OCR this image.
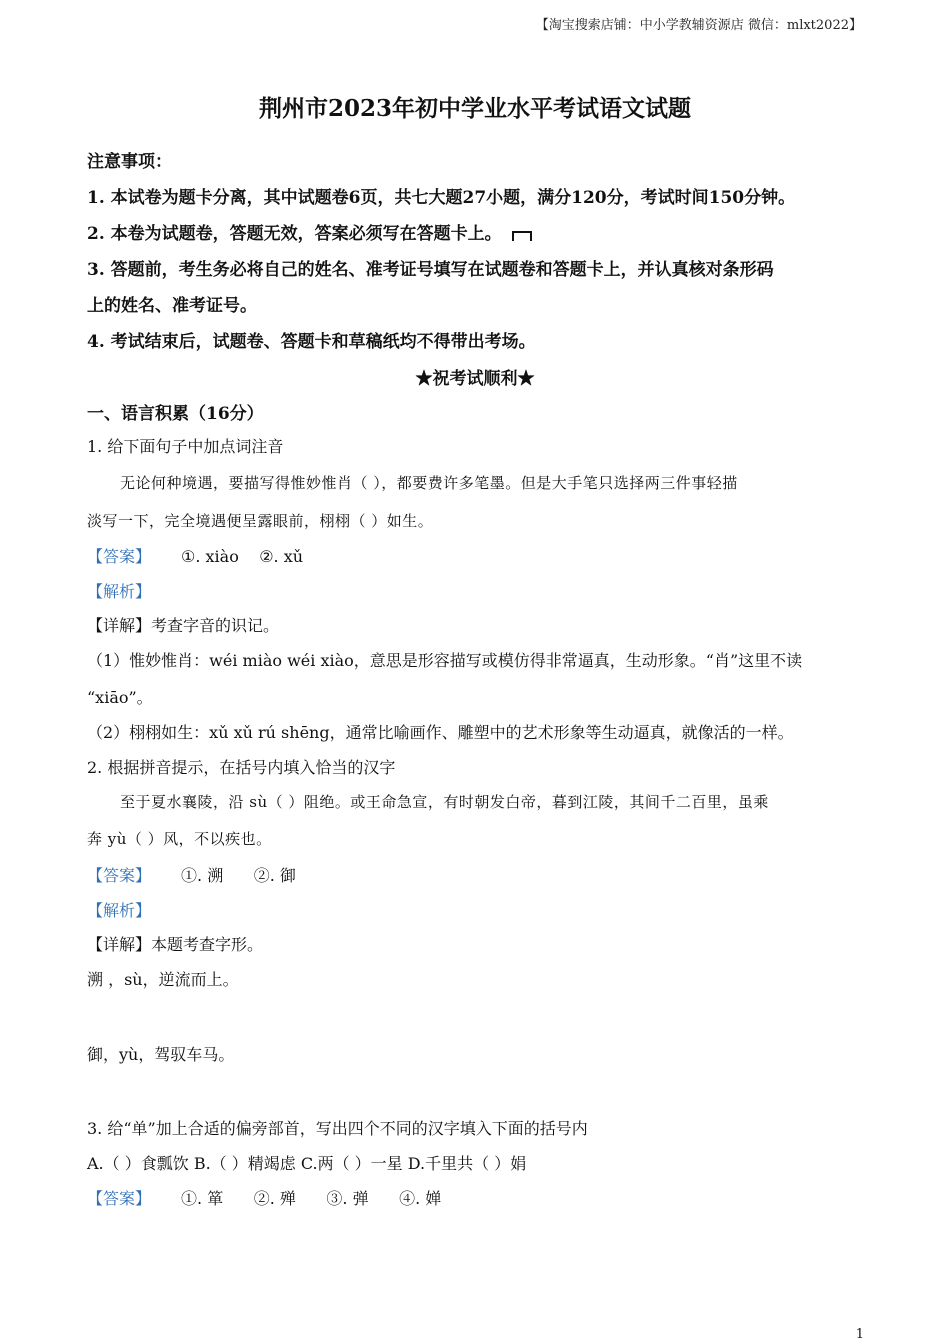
【淘宝搜索店铺：中小学教辅资源店 微信：mlxt2022】
荆州市2023年初中学业水平考试语文试题
注意事项：
1. 本试卷为题卡分离，其中试题卷6页，共七大题27小题，满分120分，考试时间150分钟。
2. 本卷为试题卷，答题无效，答案必须写在答题卡上。
3. 答题前，考生务必将自己的姓名、准考证号填写在试题卷和答题卡上，并认真核对条形码
上的姓名、准考证号。
4. 考试结束后，试题卷、答题卡和草稿纸均不得带出考场。
★祝考试顺利★
一、语言积累（16分）
1. 给下面句子中加点词注音
无论何种境遇，要描写得惟妙惟肖（ ），都要费许多笔墨。但是大手笔只选择两三件事轻描
淡写一下，完全境遇便呈露眼前，栩栩（ ）如生。
【答案】 ①. xiào ②. xǔ
【解析】
【详解】考查字音的识记。
（1）惟妙惟肖：wéi miào wéi xiào，意思是形容描写或模仿得非常逼真，生动形象。“肖”这里不读
“xiāo”。
（2）栩栩如生：xǔ xǔ rú shēng，通常比喻画作、雕塑中的艺术形象等生动逼真，就像活的一样。
2. 根据拼音提示，在括号内填入恰当的汉字
至于夏水襄陵，沿 sù（ ）阻绝。或王命急宣，有时朝发白帝，暮到江陵，其间千二百里，虽乘
奔 yù（ ）风，不以疾也。
【答案】 ①. 溯 ②. 御
【解析】
【详解】本题考查字形。
溯 ，sù，逆流而上。
御，yù，驾驭车马。
3. 给“单”加上合适的偏旁部首，写出四个不同的汉字填入下面的括号内
A.（ ）食瓢饮 B.（ ）精竭虑 C.两（ ）一星 D.千里共（ ）娟
【答案】 ①. 箪 ②. 殚 ③. 弹 ④. 婵
1
